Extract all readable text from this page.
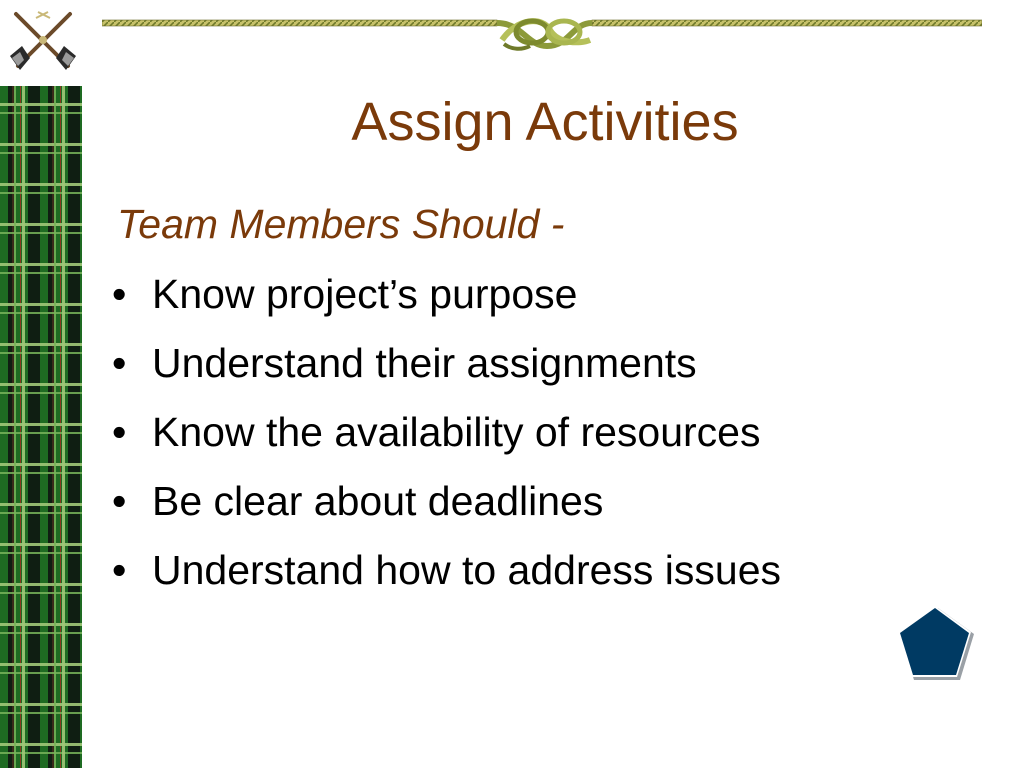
Assign Activities
Team Members Should -
• Know project’s purpose
• Understand their assignments
• Know the availability of resources
• Be clear about deadlines
• Understand how to address issues
